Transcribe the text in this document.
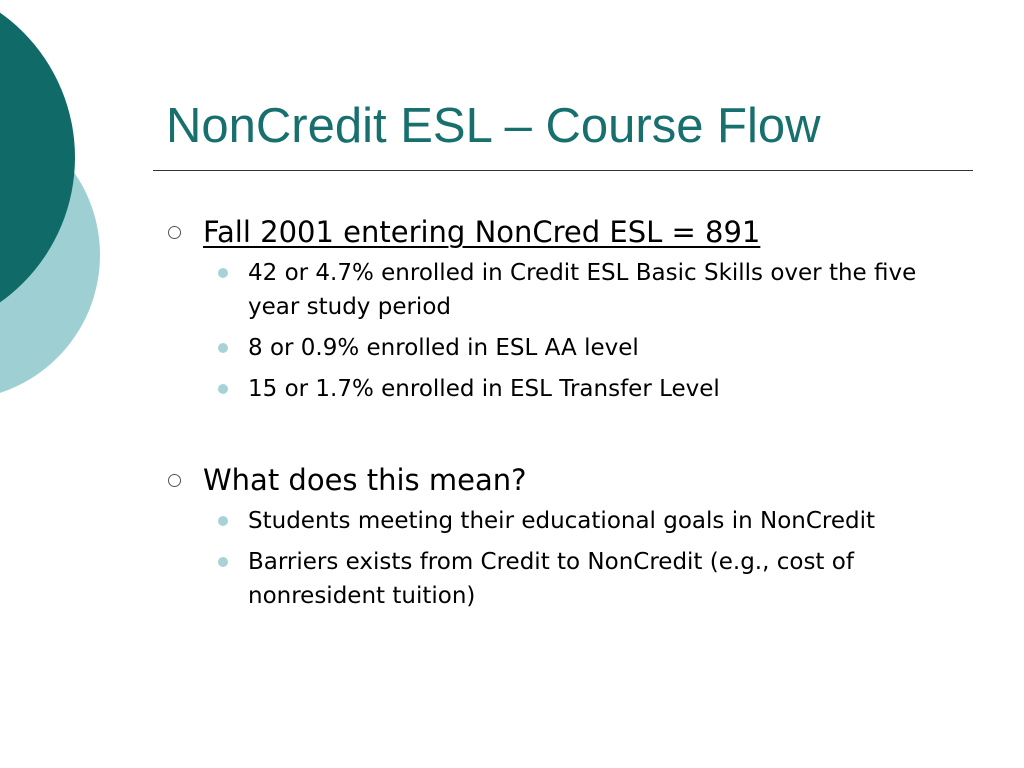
NonCredit ESL – Course Flow
Fall 2001 entering NonCred ESL = 891
42 or 4.7% enrolled in Credit ESL Basic Skills over the five year study period
8 or 0.9% enrolled in ESL AA level
15 or 1.7% enrolled in ESL Transfer Level
What does this mean?
Students meeting their educational goals in NonCredit
Barriers exists from Credit to NonCredit (e.g., cost of nonresident tuition)
